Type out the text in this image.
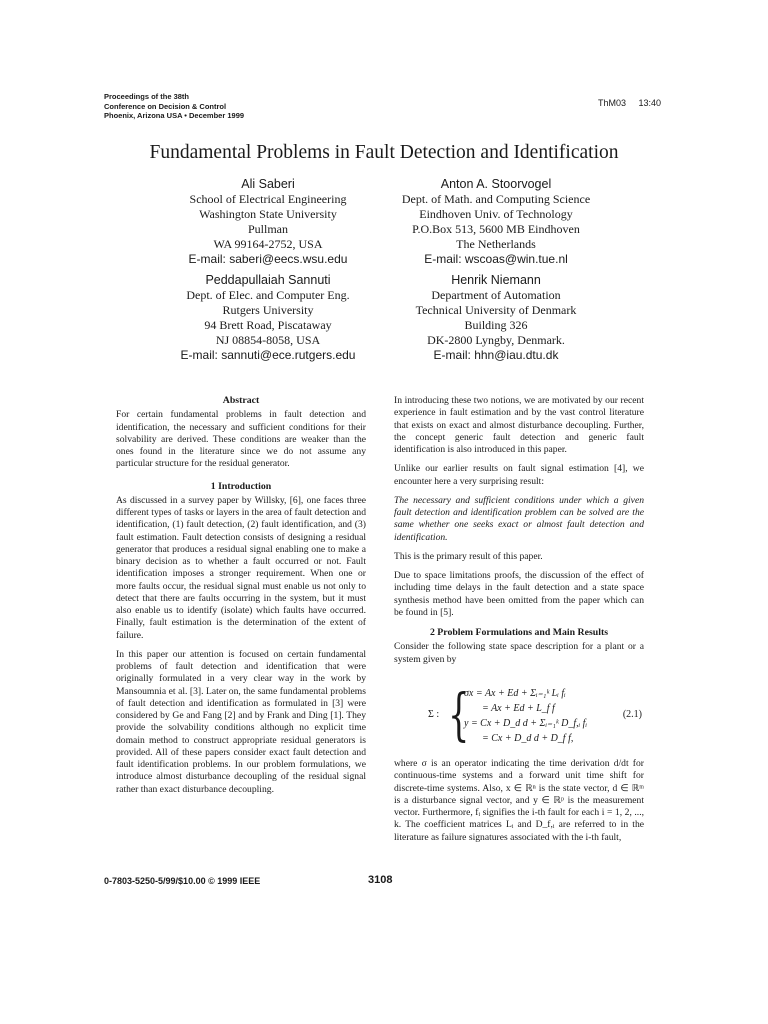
Proceedings of the 38th
Conference on Decision & Control
Phoenix, Arizona USA • December 1999
ThM03 13:40
Fundamental Problems in Fault Detection and Identification
Ali Saberi
School of Electrical Engineering
Washington State University
Pullman
WA 99164-2752, USA
E-mail: saberi@eecs.wsu.edu
Anton A. Stoorvogel
Dept. of Math. and Computing Science
Eindhoven Univ. of Technology
P.O.Box 513, 5600 MB Eindhoven
The Netherlands
E-mail: wscoas@win.tue.nl
Peddapullaiah Sannuti
Dept. of Elec. and Computer Eng.
Rutgers University
94 Brett Road, Piscataway
NJ 08854-8058, USA
E-mail: sannuti@ece.rutgers.edu
Henrik Niemann
Department of Automation
Technical University of Denmark
Building 326
DK-2800 Lyngby, Denmark.
E-mail: hhn@iau.dtu.dk
Abstract

For certain fundamental problems in fault detection and identification, the necessary and sufficient conditions for their solvability are derived. These conditions are weaker than the ones found in the literature since we do not assume any particular structure for the residual generator.

1 Introduction

As discussed in a survey paper by Willsky, [6], one faces three different types of tasks or layers in the area of fault detection and identification, (1) fault detection, (2) fault identification, and (3) fault estimation. Fault detection consists of designing a residual generator that produces a residual signal enabling one to make a binary decision as to whether a fault occurred or not. Fault identification imposes a stronger requirement. When one or more faults occur, the residual signal must enable us not only to detect that there are faults occurring in the system, but it must also enable us to identify (isolate) which faults have occurred. Finally, fault estimation is the determination of the extent of failure.

In this paper our attention is focused on certain fundamental problems of fault detection and identification that were originally formulated in a very clear way in the work by Mansoumnia et al. [3]. Later on, the same fundamental problems of fault detection and identification as formulated in [3] were considered by Ge and Fang [2] and by Frank and Ding [1]. They provide the solvability conditions although no explicit time domain method to construct appropriate residual generators is provided. All of these papers consider exact fault detection and fault identification problems. In our problem formulations, we introduce almost disturbance decoupling of the residual signal rather than exact disturbance decoupling.

In introducing these two notions, we are motivated by our recent experience in fault estimation and by the vast control literature that exists on exact and almost disturbance decoupling. Further, the concept generic fault detection and generic fault identification is also introduced in this paper.

Unlike our earlier results on fault signal estimation [4], we encounter here a very surprising result:

The necessary and sufficient conditions under which a given fault detection and identification problem can be solved are the same whether one seeks exact or almost fault detection and identification.

This is the primary result of this paper.

Due to space limitations proofs, the discussion of the effect of including time delays in the fault detection and a state space synthesis method have been omitted from the paper which can be found in [5].

2 Problem Formulations and Main Results

Consider the following state space description for a plant or a system given by

Σ : {
σx = Ax + Ed + Σᵢ₌₁ᵏ Lᵢ fᵢ
= Ax + Ed + L_f f
y = Cx + D_d d + Σᵢ₌₁ᵏ D_f,ᵢ fᵢ
= Cx + D_d d + D_f f,
(2.1)

where σ is an operator indicating the time derivation d/dt for continuous-time systems and a forward unit time shift for discrete-time systems. Also, x ∈ ℝⁿ is the state vector, d ∈ ℝᵐ is a disturbance signal vector, and y ∈ ℝᵖ is the measurement vector. Furthermore, fᵢ signifies the i-th fault for each i = 1, 2, ..., k. The coefficient matrices Lᵢ and D_f,ᵢ are referred to in the literature as failure signatures associated with the i-th fault,

0-7803-5250-5/99/$10.00 © 1999 IEEE	3108
